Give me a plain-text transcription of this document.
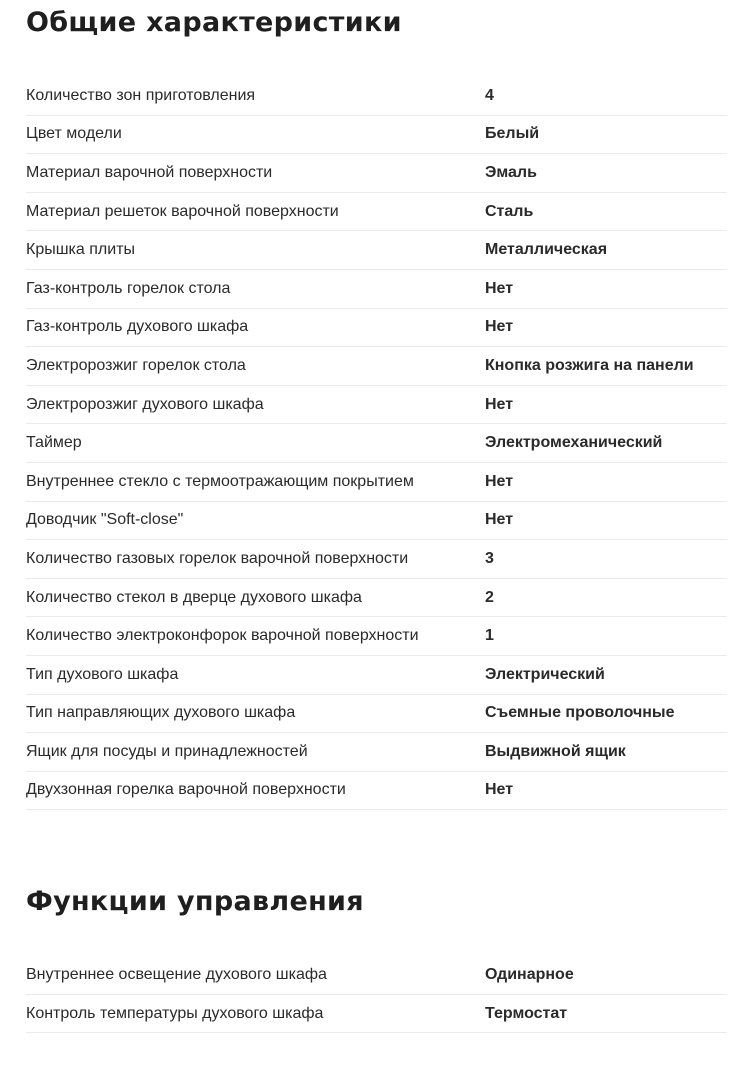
Общие характеристики
Количество зон приготовления	4
Цвет модели	Белый
Материал варочной поверхности	Эмаль
Материал решеток варочной поверхности	Сталь
Крышка плиты	Металлическая
Газ-контроль горелок стола	Нет
Газ-контроль духового шкафа	Нет
Электророзжиг горелок стола	Кнопка розжига на панели
Электророзжиг духового шкафа	Нет
Таймер	Электромеханический
Внутреннее стекло с термоотражающим покрытием	Нет
Доводчик "Soft-close"	Нет
Количество газовых горелок варочной поверхности	3
Количество стекол в дверце духового шкафа	2
Количество электроконфорок варочной поверхности	1
Тип духового шкафа	Электрический
Тип направляющих духового шкафа	Съемные проволочные
Ящик для посуды и принадлежностей	Выдвижной ящик
Двухзонная горелка варочной поверхности	Нет
Функции управления
Внутреннее освещение духового шкафа	Одинарное
Контроль температуры духового шкафа	Термостат
